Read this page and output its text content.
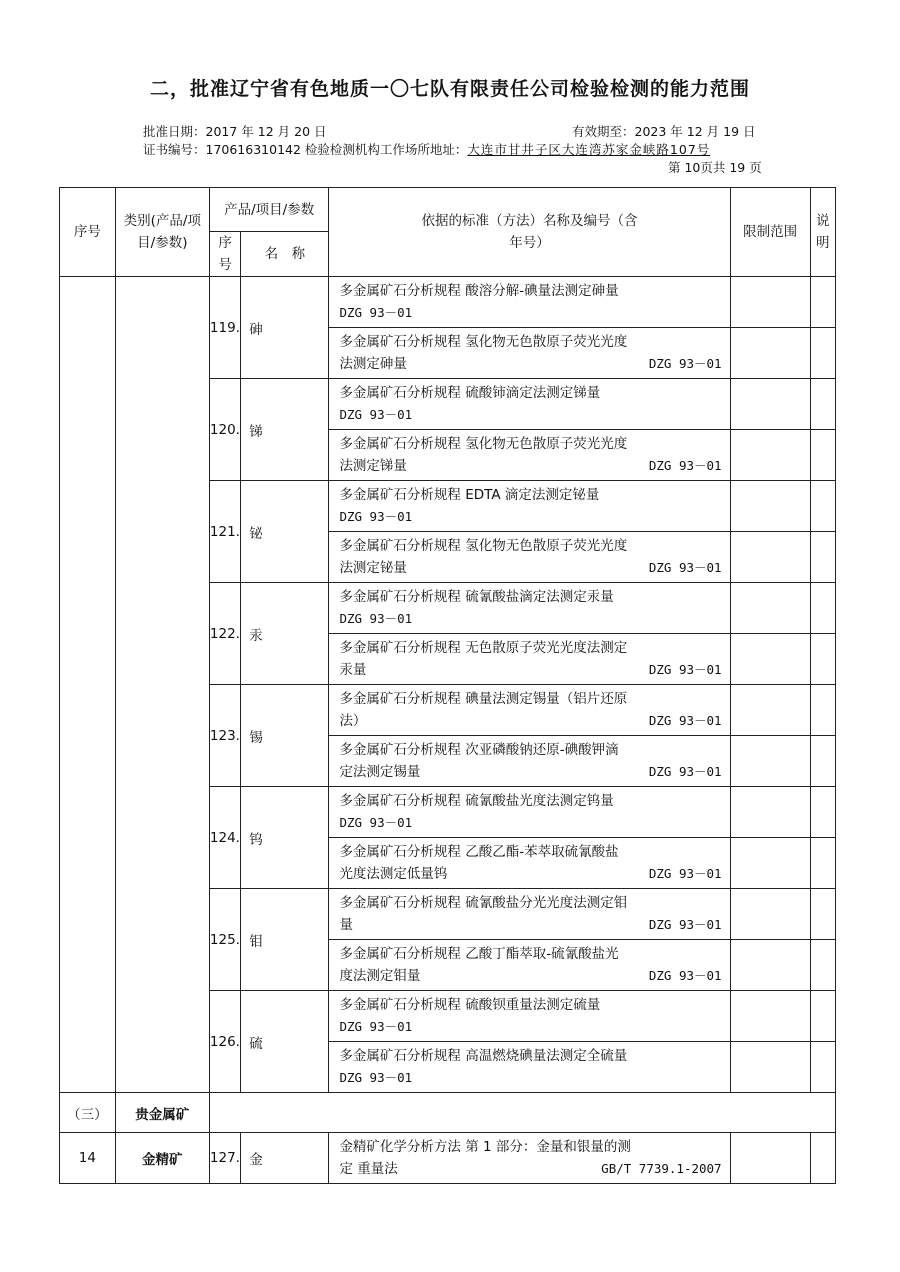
二，批准辽宁省有色地质一〇七队有限责任公司检验检测的能力范围
批准日期：2017 年 12 月 20 日	有效期至：2023 年 12 月 19 日
证书编号：170616310142 检验检测机构工作场所地址：大连市甘井子区大连湾苏家金峡路107号
第 10页共 19 页
序号	类别(产品/项目/参数)	产品/项目/参数		依据的标准（方法）名称及编号（含年号）	限制范围	说明
		序号	名　称			
		119.	砷	多金属矿石分析规程 酸溶分解-碘量法测定砷量
DZG 93－01		

				多金属矿石分析规程 氢化物无色散原子荧光光度
法测定砷量 DZG 93－01		

		120.	锑	多金属矿石分析规程 硫酸铈滴定法测定锑量
DZG 93－01		

				多金属矿石分析规程 氢化物无色散原子荧光光度
法测定锑量 DZG 93－01		

		121.	铋	多金属矿石分析规程 EDTA 滴定法测定铋量
DZG 93－01		

				多金属矿石分析规程 氢化物无色散原子荧光光度
法测定铋量 DZG 93－01		

		122.	汞	多金属矿石分析规程 硫氰酸盐滴定法测定汞量
DZG 93－01		

				多金属矿石分析规程 无色散原子荧光光度法测定
汞量 DZG 93－01		

		123.	锡	多金属矿石分析规程 碘量法测定锡量（铝片还原
法） DZG 93－01		

				多金属矿石分析规程 次亚磷酸钠还原-碘酸钾滴
定法测定锡量 DZG 93－01		

		124.	钨	多金属矿石分析规程 硫氰酸盐光度法测定钨量
DZG 93－01		

				多金属矿石分析规程 乙酸乙酯-苯萃取硫氰酸盐
光度法测定低量钨 DZG 93－01		

		125.	钼	多金属矿石分析规程 硫氰酸盐分光光度法测定钼
量 DZG 93－01		

				多金属矿石分析规程 乙酸丁酯萃取-硫氰酸盐光
度法测定钼量 DZG 93－01		

		126.	硫	多金属矿石分析规程 硫酸钡重量法测定硫量
DZG 93－01		

				多金属矿石分析规程 高温燃烧碘量法测定全硫量
DZG 93－01		

（三）	贵金属矿					
14	金精矿	127.	金	金精矿化学分析方法 第 1 部分：金量和银量的测
定 重量法 GB/T 7739.1-2007		
